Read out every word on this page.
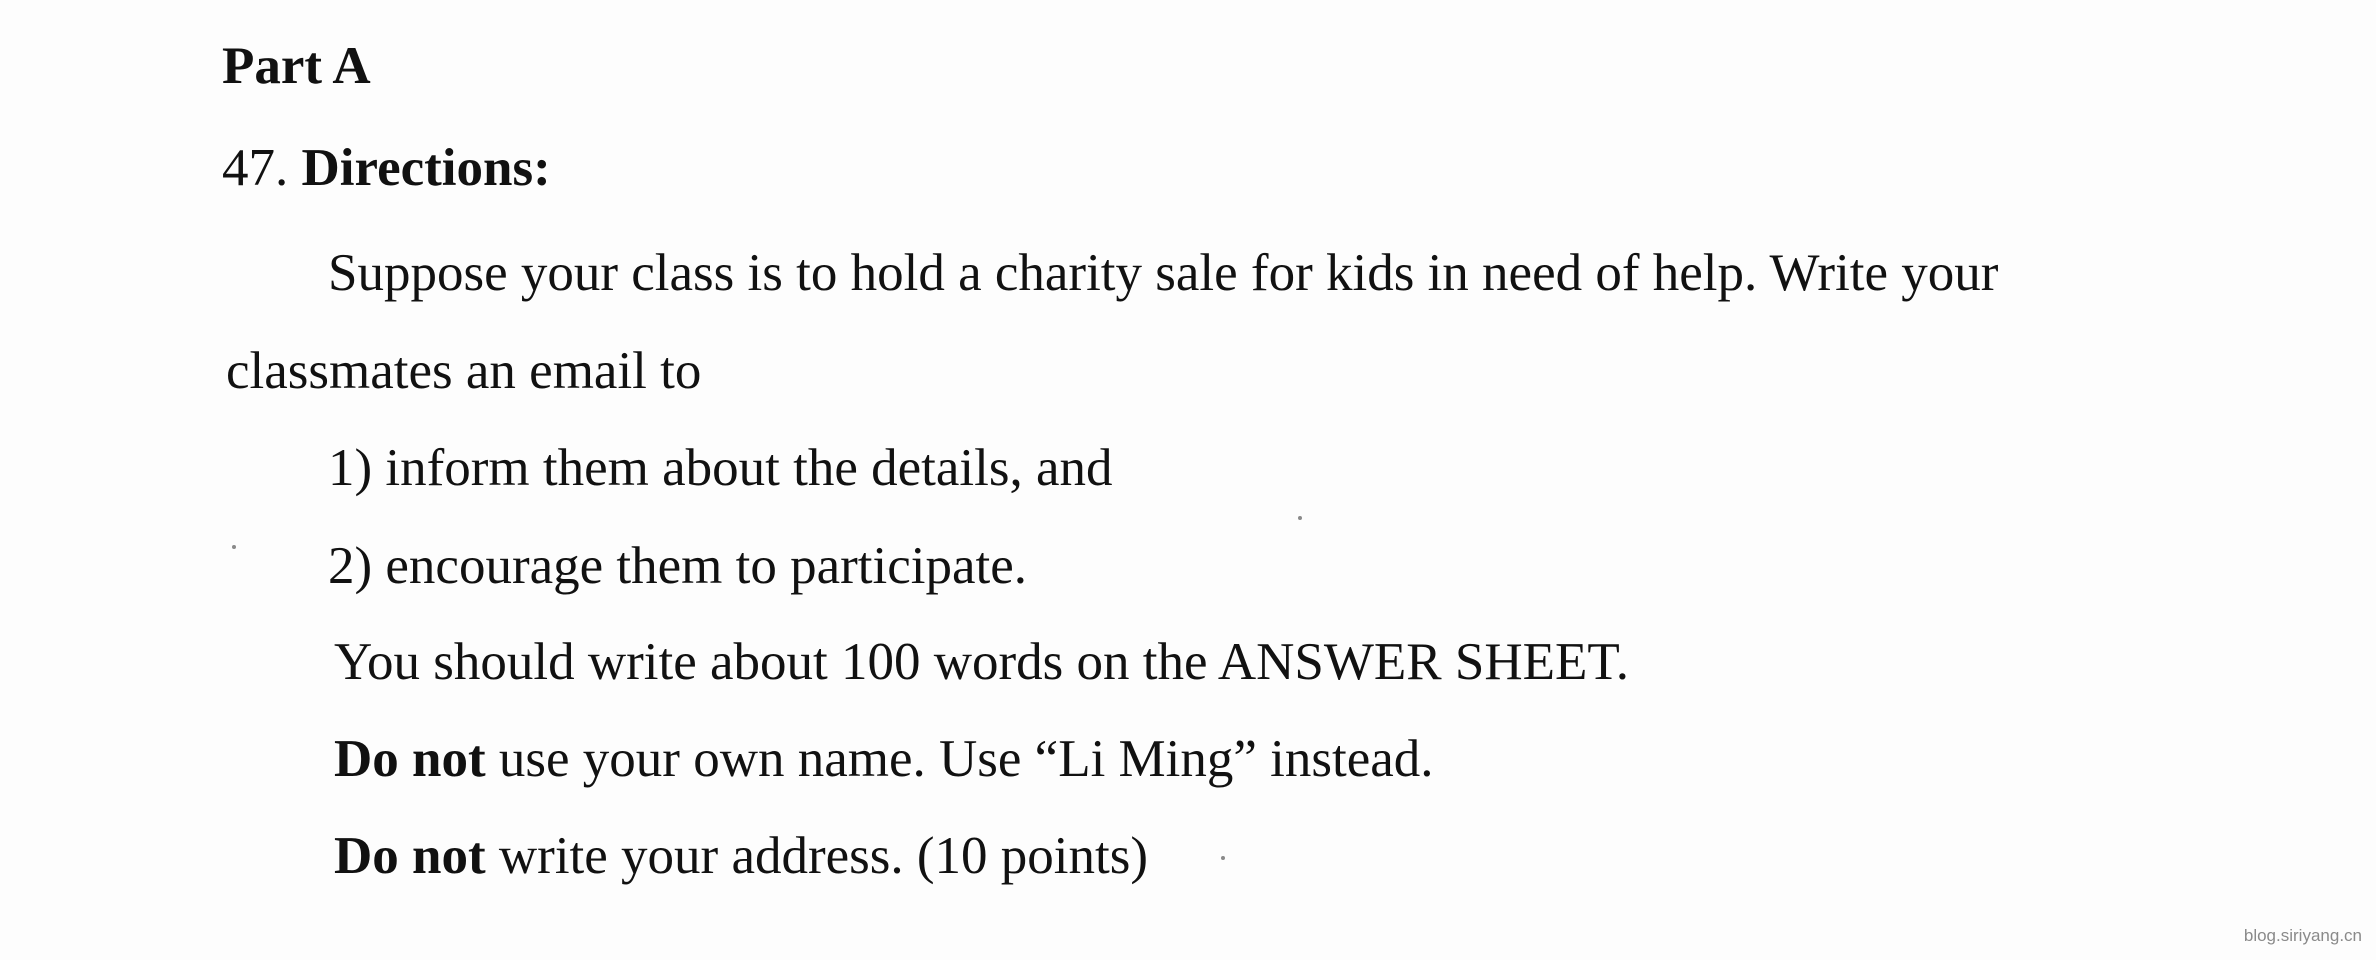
Part A
47. Directions:
Suppose your class is to hold a charity sale for kids in need of help. Write your
classmates an email to
1) inform them about the details, and
2) encourage them to participate.
You should write about 100 words on the ANSWER SHEET.
Do not use your own name. Use “Li Ming” instead.
Do not write your address. (10 points)
blog.siriyang.cn
